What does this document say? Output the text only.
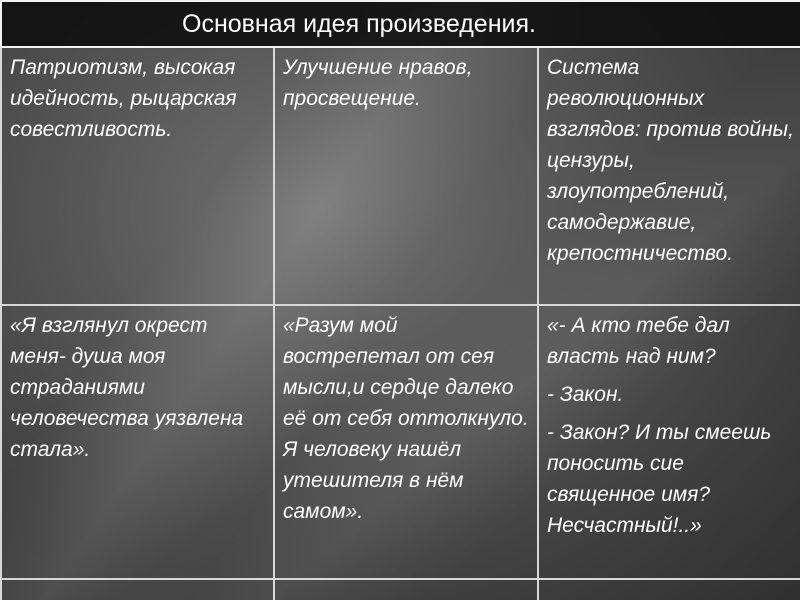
Основная идея произведения.		

Патриотизм, высокая идейность, рыцарская совестливость.	Улучшение нравов, просвещение.	Система революционных взглядов: против войны, цензуры, злоупотреблений, самодержавие, крепостничество.

«Я взглянул окрест меня- душа моя страданиями человечества уязвлена стала».	«Разум мой вострепетал от сея мысли,и сердце далеко её от себя оттолкнуло. Я человеку нашёл утешителя в нём самом».	«- А кто тебе дал власть над ним?

- Закон.

- Закон? И ты смеешь поносить сие священное имя? Несчастный!..»
